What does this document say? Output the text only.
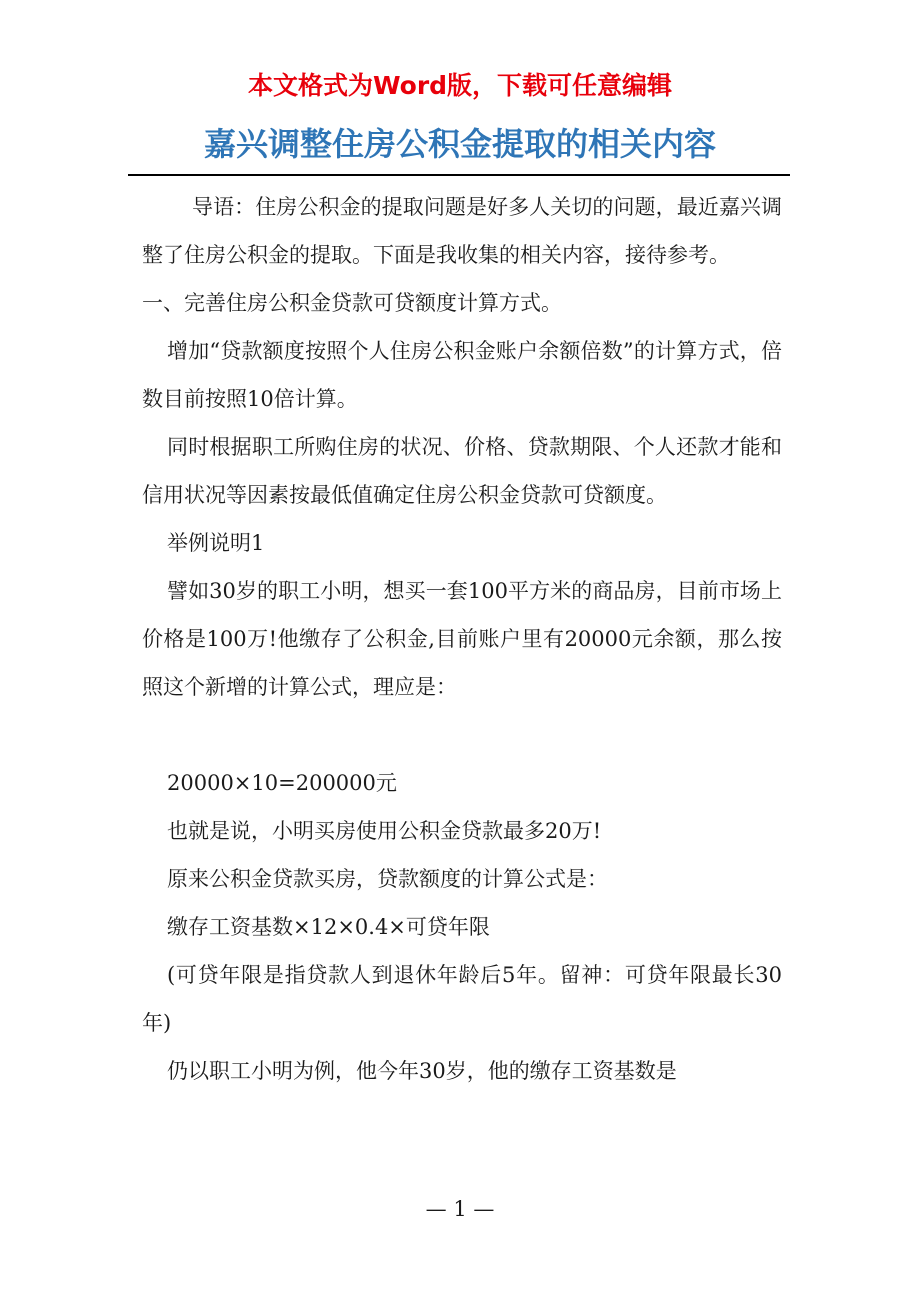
本文格式为Word版，下载可任意编辑
嘉兴调整住房公积金提取的相关内容

导语：住房公积金的提取问题是好多人关切的问题，最近嘉兴调整了住房公积金的提取。下面是我收集的相关内容，接待参考。

一、完善住房公积金贷款可贷额度计算方式。

增加“贷款额度按照个人住房公积金账户余额倍数”的计算方式，倍数目前按照10倍计算。

同时根据职工所购住房的状况、价格、贷款期限、个人还款才能和信用状况等因素按最低值确定住房公积金贷款可贷额度。

举例说明1

譬如30岁的职工小明，想买一套100平方米的商品房，目前市场上价格是100万!他缴存了公积金,目前账户里有20000元余额，那么按照这个新增的计算公式，理应是：

20000×10=200000元

也就是说，小明买房使用公积金贷款最多20万!

原来公积金贷款买房，贷款额度的计算公式是：

缴存工资基数×12×0.4×可贷年限

(可贷年限是指贷款人到退休年龄后5年。留神：可贷年限最长30年)

仍以职工小明为例，他今年30岁，他的缴存工资基数是

— 1 —
